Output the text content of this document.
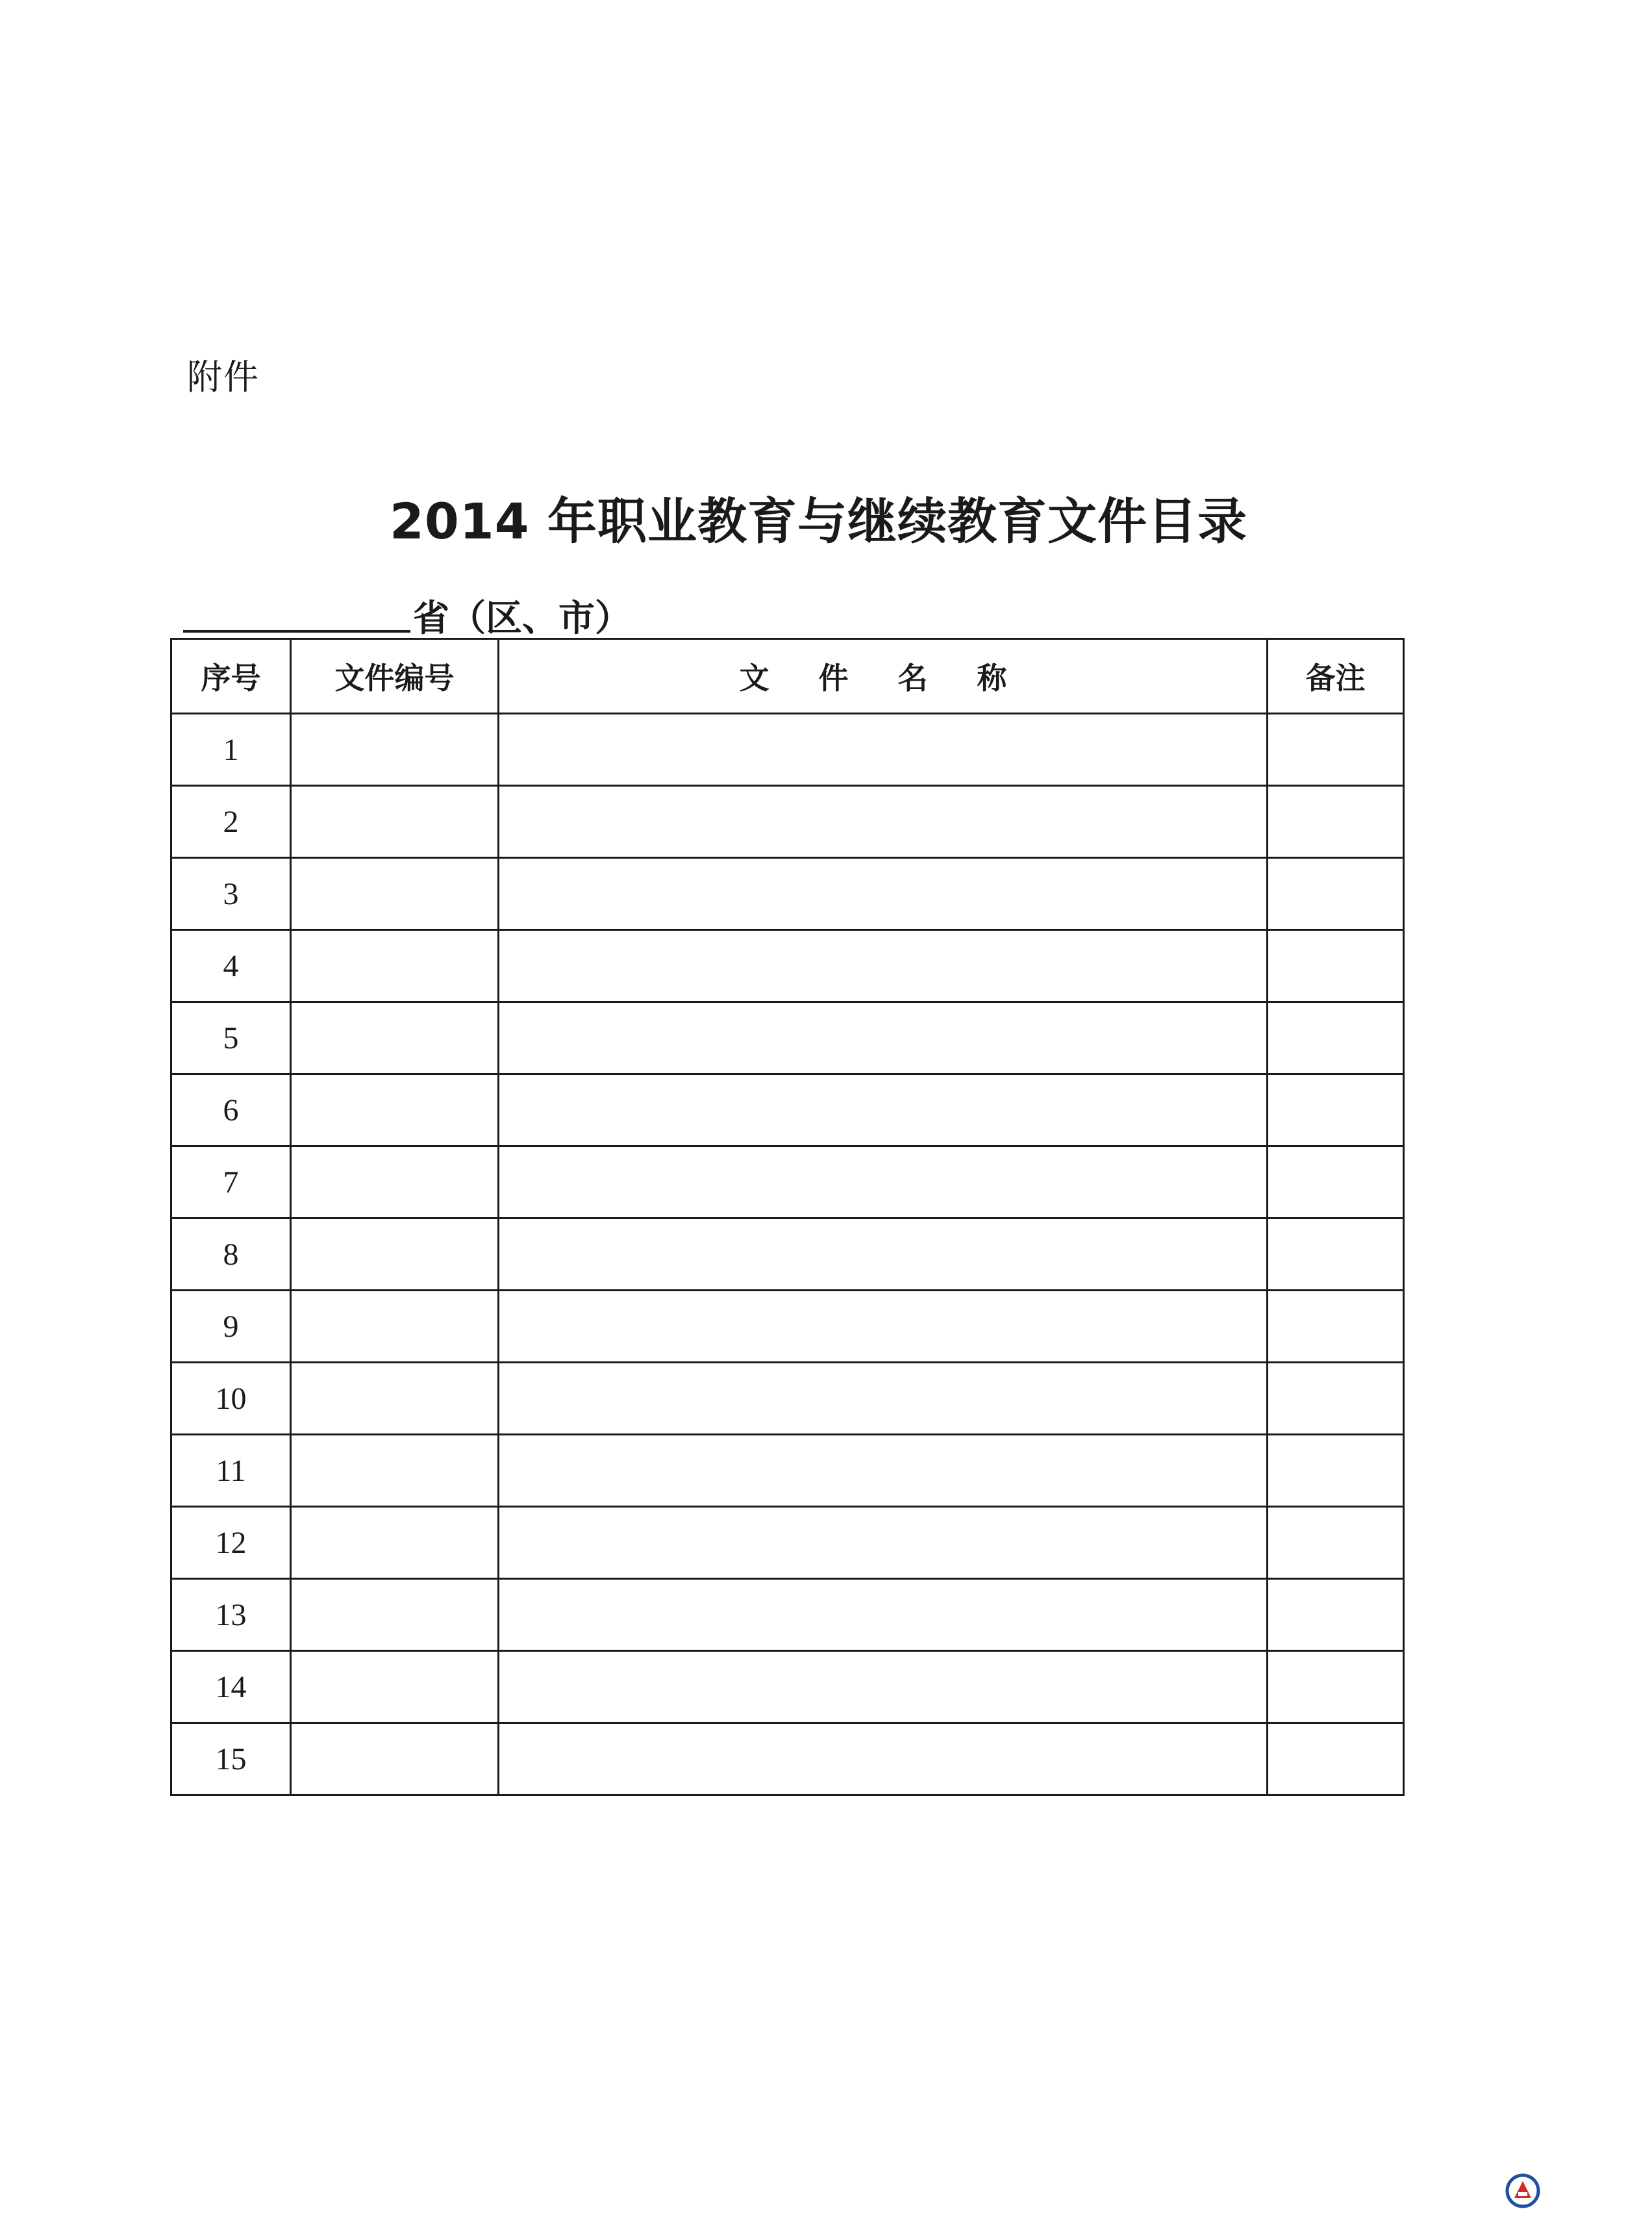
附件
2014 年职业教育与继续教育文件目录
省（区、市）
序号	文件编号	文 件 名 称	备注
1			
2			
3			
4			
5			
6			
7			
8			
9			
10			
11			
12			
13			
14			
15			
